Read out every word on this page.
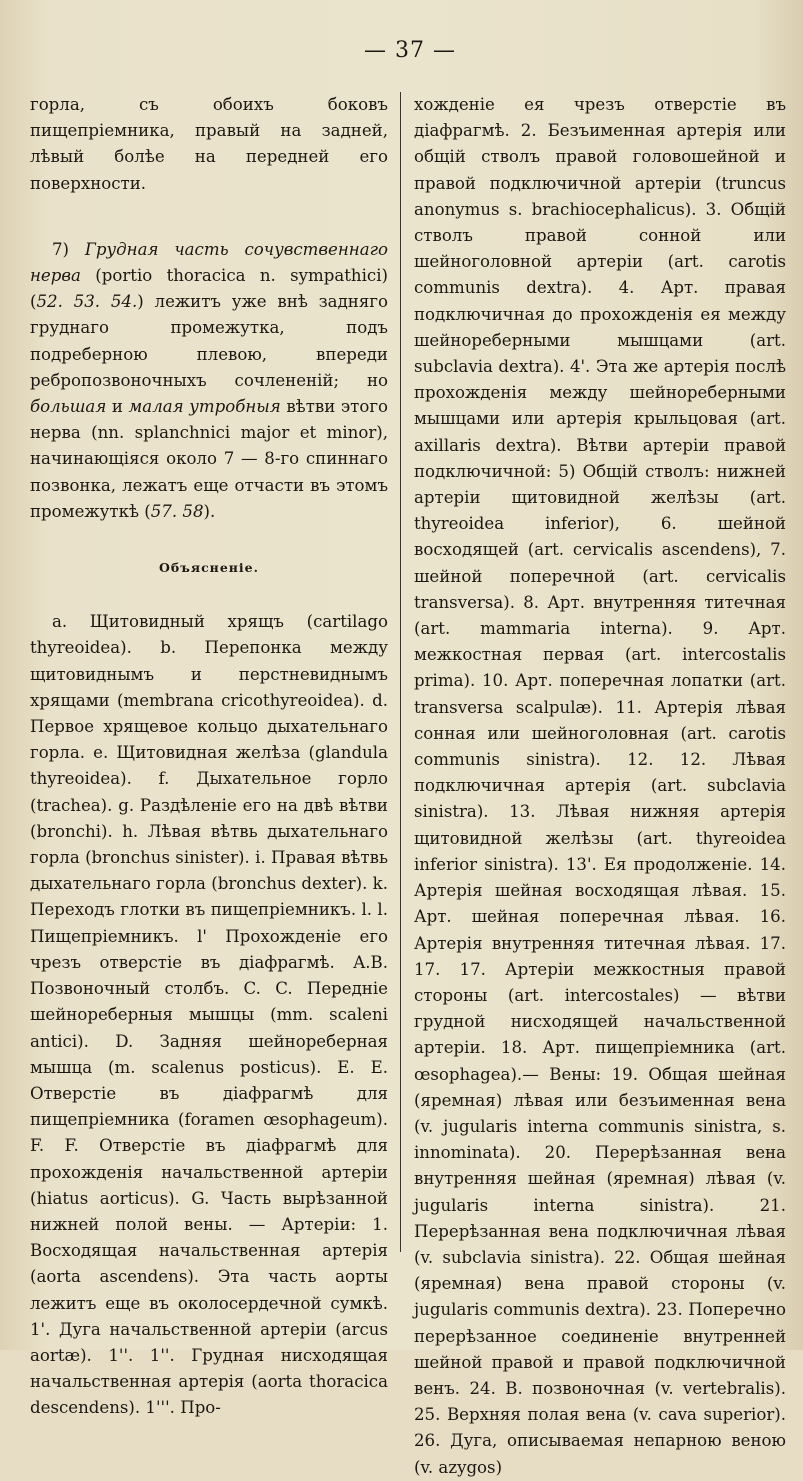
— 37 —

горла, съ обоихъ боковъ пищепріемника, правый на задней, лѣвый болѣе на передней его поверхности.

7) Грудная часть сочувственнаго нерва (portio thoracica n. sympathici) (52. 53. 54.) лежитъ уже внѣ задняго груднаго промежутка, подъ подреберною плевою, впереди ребропозвоночныхъ сочлененій; но большая и малая утробныя вѣтви этого нерва (nn. splanchnici major et minor), начинающіяся около 7 — 8-го спиннаго позвонка, лежатъ еще отчасти въ этомъ промежуткѣ (57. 58).

Объясненіе.

a. Щитовидный хрящъ (cartilago thyreoidea). b. Перепонка между щитовиднымъ и перстневиднымъ хрящами (membrana cricothyreoidea). d. Первое хрящевое кольцо дыхательнаго горла. e. Щитовидная желѣза (glandula thyreoidea). f. Дыхательное горло (trachea). g. Раздѣленіе его на двѣ вѣтви (bronchi). h. Лѣвая вѣтвь дыхательнаго горла (bronchus sinister). i. Правая вѣтвь дыхательнаго горла (bronchus dexter). k. Переходъ глотки въ пищепріемникъ. l. l. Пищепріемникъ. l' Прохожденіе его чрезъ отверстіе въ діафрагмѣ. A.B. Позвоночный столбъ. C. C. Передніе шейнореберныя мышцы (mm. scaleni antici). D. Задняя шейнореберная мышца (m. scalenus posticus). E. E. Отверстіе въ діафрагмѣ для пищепріемника (foramen œsophageum). F. F. Отверстіе въ діафрагмѣ для прохожденія начальственной артеріи (hiatus aorticus). G. Часть вырѣзанной нижней полой вены. — Артеріи: 1. Восходящая начальственная артерія (aorta ascendens). Эта часть аорты лежитъ еще въ околосердечной сумкѣ. 1'. Дуга начальственной артеріи (arcus aortæ). 1''. 1''. Грудная нисходящая начальственная артерія (aorta thoracica descendens). 1'''. Про-

хожденіе ея чрезъ отверстіе въ діафрагмѣ. 2. Безъименная артерія или общій стволъ правой головошейной и правой подключичной артеріи (truncus anonymus s. brachiocephalicus). 3. Общій стволъ правой сонной или шейноголовной артеріи (art. carotis communis dextra). 4. Арт. правая подключичная до прохожденія ея между шейнореберными мышцами (art. subclavia dextra). 4'. Эта же артерія послѣ прохожденія между шейнореберными мышцами или артерія крыльцовая (art. axillaris dextra). Вѣтви артеріи правой подключичной: 5) Общій стволъ: нижней артеріи щитовидной желѣзы (art. thyreoidea inferior), 6. шейной восходящей (art. cervicalis ascendens), 7. шейной поперечной (art. cervicalis transversa). 8. Арт. внутренняя титечная (art. mammaria interna). 9. Арт. межкостная первая (art. intercostalis prima). 10. Арт. поперечная лопатки (art. transversa scalpulæ). 11. Артерія лѣвая сонная или шейноголовная (art. carotis communis sinistra). 12. 12. Лѣвая подключичная артерія (art. subclavia sinistra). 13. Лѣвая нижняя артерія щитовидной желѣзы (art. thyreoidea inferior sinistra). 13'. Ея продолженіе. 14. Артерія шейная восходящая лѣвая. 15. Арт. шейная поперечная лѣвая. 16. Артерія внутренняя титечная лѣвая. 17. 17. 17. Артеріи межкостныя правой стороны (art. intercostales) — вѣтви грудной нисходящей начальственной артеріи. 18. Арт. пищепріемника (art. œsophagea).— Вены: 19. Общая шейная (яремная) лѣвая или безъименная вена (v. jugularis interna communis sinistra, s. innominata). 20. Перерѣзанная вена внутренняя шейная (яремная) лѣвая (v. jugularis interna sinistra). 21. Перерѣзанная вена подключичная лѣвая (v. subclavia sinistra). 22. Общая шейная (яремная) вена правой стороны (v. jugularis communis dextra). 23. Поперечно перерѣзанное соединеніе внутренней шейной правой и правой подключичной венъ. 24. В. позвоночная (v. vertebralis). 25. Верхняя полая вена (v. cava superior). 26. Дуга, описываемая непарною веною (v. azygos)
